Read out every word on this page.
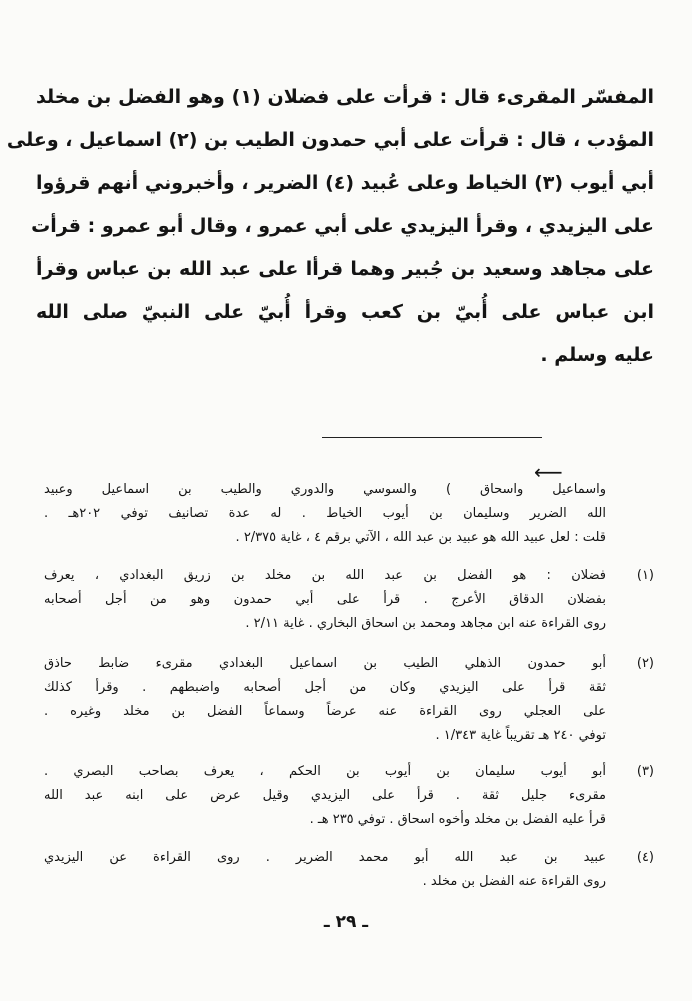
المفسّر المقرىء قال : قرأت على فضلان (١) وهو الفضل بن مخلد
المؤدب ، قال : قرأت على أبي حمدون الطيب بن (٢) اسماعيل ، وعلى
أبي أيوب (٣) الخياط وعلى عُبيد (٤) الضرير ، وأخبروني أنهم قرؤوا
على اليزيدي ، وقرأ اليزيدي على أبي عمرو ، وقال أبو عمرو : قرأت
على مجاهد وسعيد بن جُبير وهما قرأا على عبد الله بن عباس وقرأ
ابن عباس على أُبيّ بن كعب وقرأ أُبيّ على النبيّ صلى الله
عليه وسلم .
⟵
واسماعيل واسحاق ) والسوسي والدوري والطيب بن اسماعيل وعبيد
الله الضرير وسليمان بن أيوب الخياط . له عدة تصانيف توفي ٢٠٢هـ .
قلت : لعل عبيد الله هو عبيد بن عبد الله ، الآتي برقم ٤ ، غاية ٢/٣٧٥ .
(١)
فضلان : هو الفضل بن عبد الله بن مخلد بن زريق البغدادي ، يعرف
بفضلان الدقاق الأعرج . قرأ على أبي حمدون وهو من أجل أصحابه
روى القراءة عنه ابن مجاهد ومحمد بن اسحاق البخاري . غاية ٢/١١ .
(٢)
أبو حمدون الذهلي الطيب بن اسماعيل البغدادي مقرىء ضابط حاذق
ثقة قرأ على اليزيدي وكان من أجل أصحابه واضبطهم . وقرأ كذلك
على العجلي روى القراءة عنه عرضاً وسماعاً الفضل بن مخلد وغيره .
توفي ٢٤٠ هـ تقريباً غاية ١/٣٤٣ .
(٣)
أبو أيوب سليمان بن أيوب بن الحكم ، يعرف بصاحب البصري .
مقرىء جليل ثقة . قرأ على اليزيدي وقيل عرض على ابنه عبد الله
قرأ عليه الفضل بن مخلد وأخوه اسحاق . توفي ٢٣٥ هـ .
(٤)
عبيد بن عبد الله أبو محمد الضرير . روى القراءة عن اليزيدي
روى القراءة عنه الفضل بن مخلد .
ـ ٢٩ ـ
